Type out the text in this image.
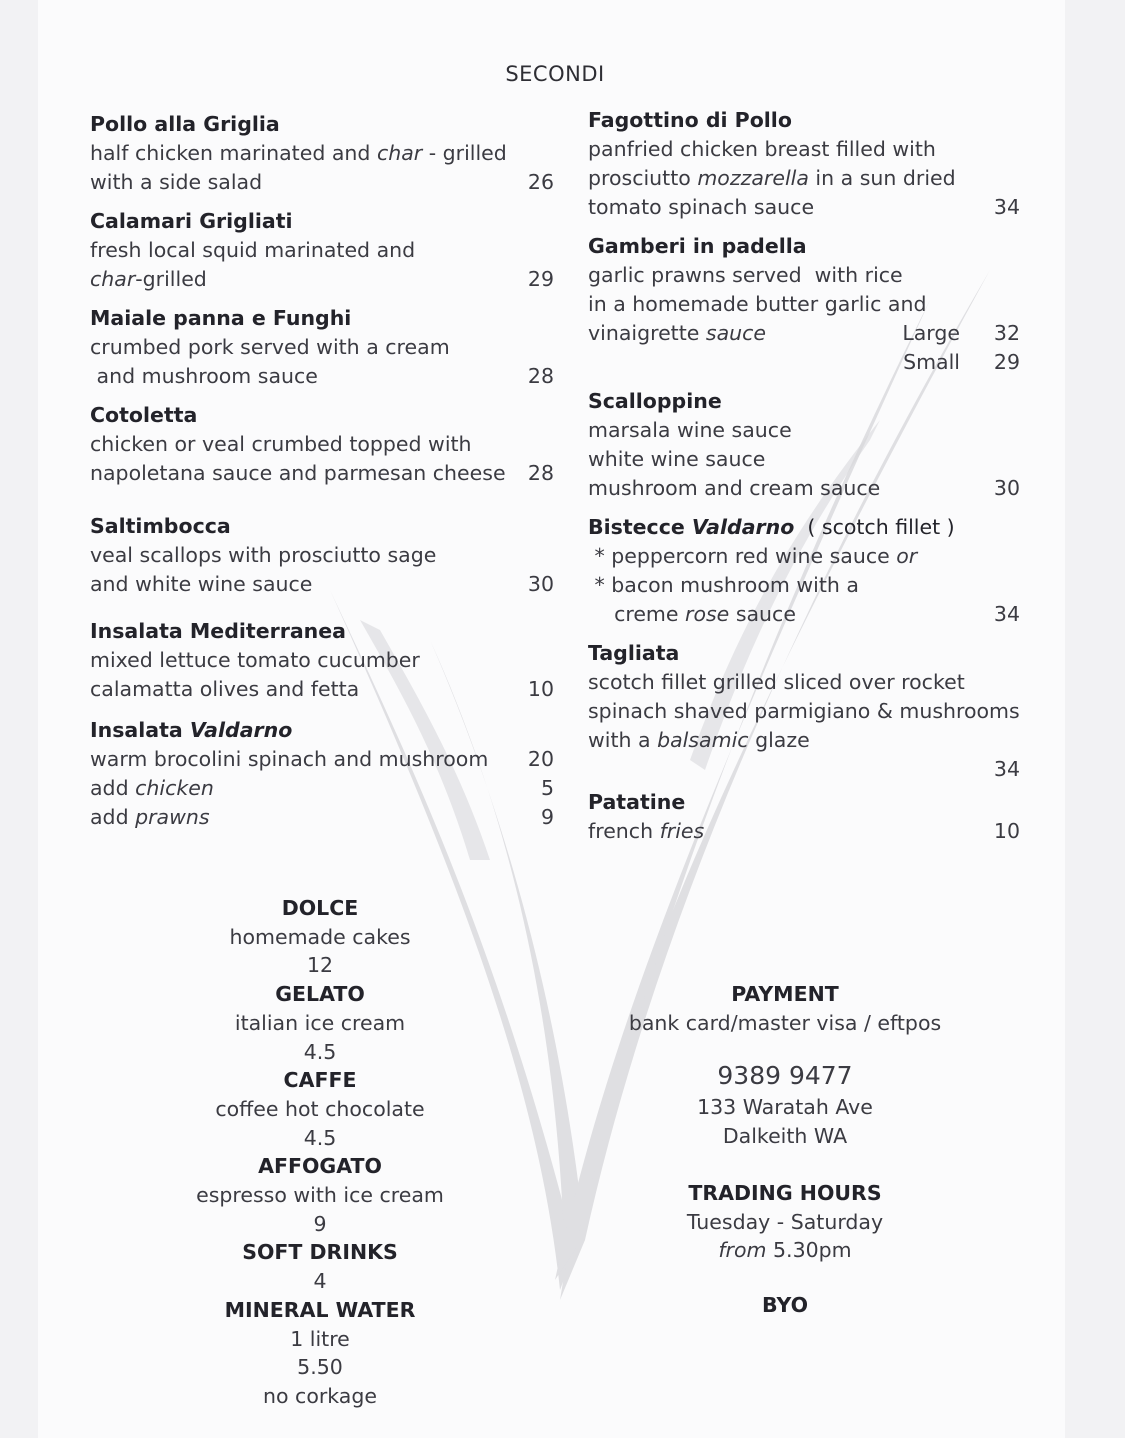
SECONDI
Pollo alla Griglia
half chicken marinated and char - grilled
with a side salad	26
Calamari Grigliati
fresh local squid marinated and
char-grilled	29
Maiale panna e Funghi
crumbed pork served with a cream
and mushroom sauce	28
Cotoletta
chicken or veal crumbed topped with
napoletana sauce and parmesan cheese 28
Saltimbocca
veal scallops with prosciutto sage
and white wine sauce	30
Insalata Mediterranea
mixed lettuce tomato cucumber
calamatta olives and fetta	10
Insalata Valdarno
warm brocolini spinach and mushroom 20
add chicken	5
add prawns	9
Fagottino di Pollo
panfried chicken breast filled with
prosciutto mozzarella in a sun dried
tomato spinach sauce	34
Gamberi in padella
garlic prawns served  with rice
in a homemade butter garlic and
vinaigrette sauce	Large 32

Small 29
Scalloppine
marsala wine sauce
white wine sauce
mushroom and cream sauce	30
Bistecce Valdarno  ( scotch fillet )
* peppercorn red wine sauce or
* bacon mushroom with a
creme rose sauce	34
Tagliata
scotch fillet grilled sliced over rocket
spinach shaved parmigiano & mushrooms
with a balsamic glaze

34
Patatine
french fries	10
DOLCE
homemade cakes
12
GELATO
italian ice cream
4.5
CAFFE
coffee hot chocolate
4.5
AFFOGATO
espresso with ice cream
9
SOFT DRINKS
4
MINERAL WATER
1 litre
5.50
no corkage
PAYMENT
bank card/master visa / eftpos
9389 9477
133 Waratah Ave
Dalkeith WA
TRADING HOURS
Tuesday - Saturday
from 5.30pm
BYO
